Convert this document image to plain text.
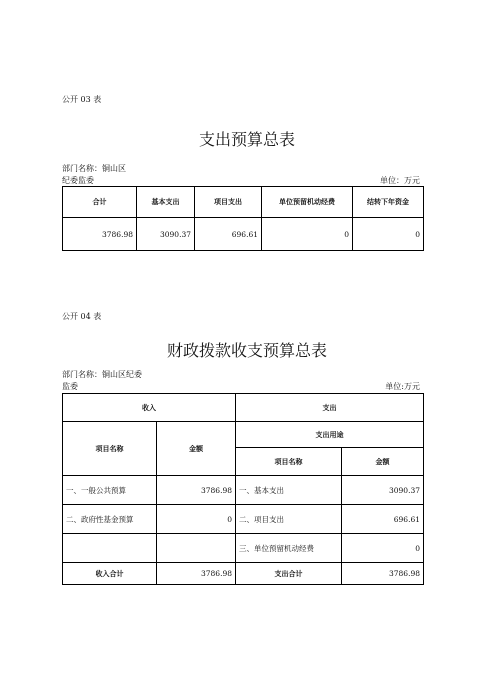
公开 03 表
支出预算总表
部门名称：铜山区
纪委监委	单位：万元
合计	基本支出	项目支出	单位预留机动经费	结转下年资金
3786.98	3090.37	696.61	0	0
公开 04 表
财政拨款收支预算总表
部门名称：铜山区纪委
监委	单位:万元
收入		支出	
项目名称	金额	支出用途	
		项目名称	金额
一、一般公共预算	3786.98	一、基本支出	3090.37
二、政府性基金预算	0	二、项目支出	696.61
		三、单位预留机动经费	0
收入合计	3786.98	支出合计	3786.98
